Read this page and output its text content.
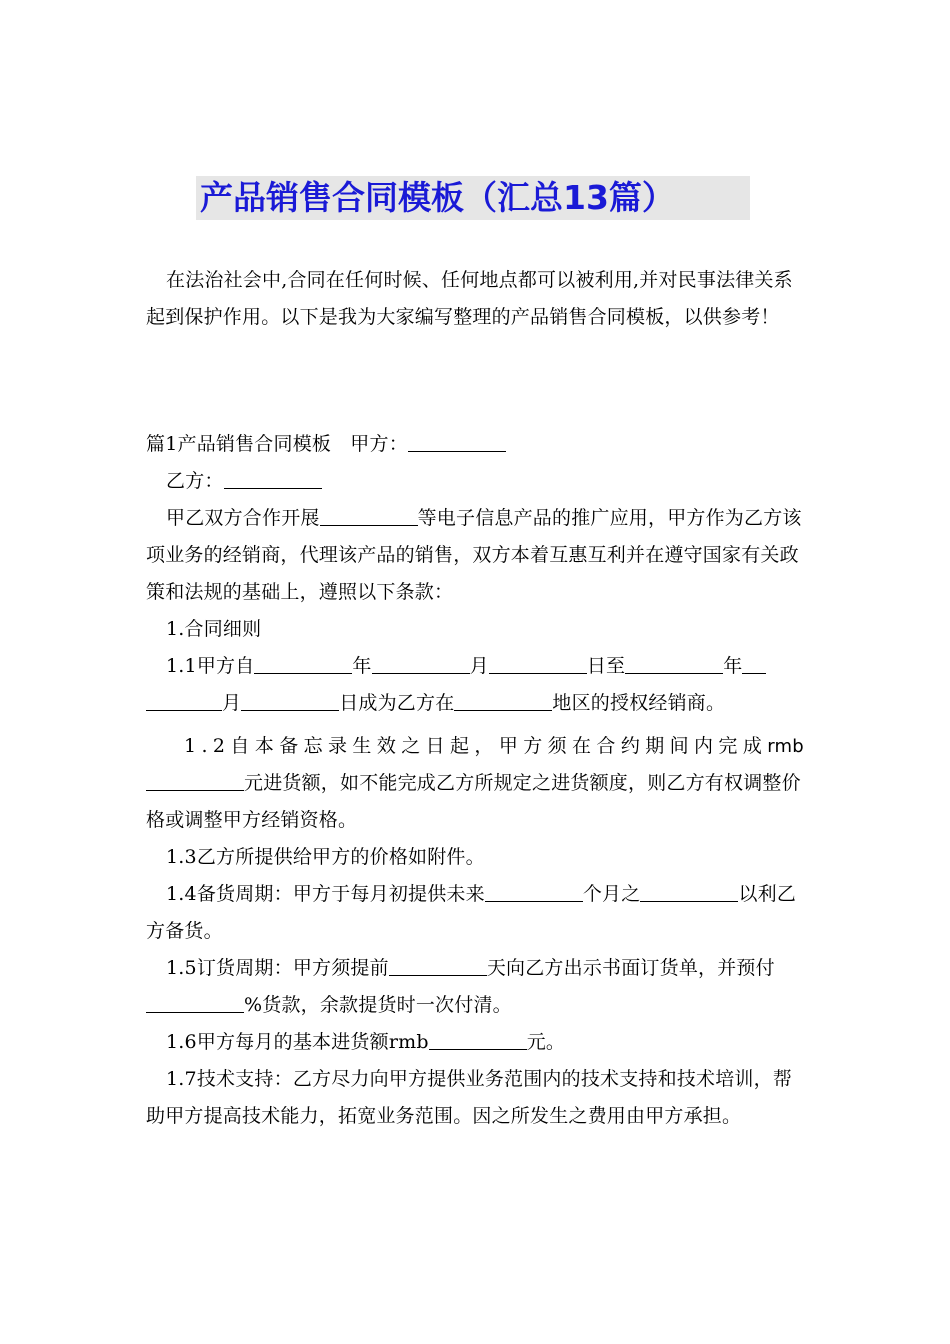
产品销售合同模板（汇总13篇）

在法治社会中,合同在任何时候、任何地点都可以被利用,并对民事法律关系起到保护作用。以下是我为大家编写整理的产品销售合同模板，以供参考！

篇1产品销售合同模板  甲方：

乙方：

甲乙双方合作开展	等电子信息产品的推广应用，甲方作为乙方该项业务的经销商，代理该产品的销售，双方本着互惠互利并在遵守国家有关政策和法规的基础上，遵照以下条款：

1.合同细则

1.1甲方自	年	月	日至	年月	日成为乙方在	地区的授权经销商。

1.2自本备忘录生效之日起，甲方须在合约期间内完成rmb元进货额，如不能完成乙方所规定之进货额度，则乙方有权调整价格或调整甲方经销资格。

1.3乙方所提供给甲方的价格如附件。

1.4备货周期：甲方于每月初提供未来	个月之	以利乙方备货。

1.5订货周期：甲方须提前	天向乙方出示书面订货单，并预付%货款，余款提货时一次付清。

1.6甲方每月的基本进货额rmb	元。

1.7技术支持：乙方尽力向甲方提供业务范围内的技术支持和技术培训，帮助甲方提高技术能力，拓宽业务范围。因之所发生之费用由甲方承担。
